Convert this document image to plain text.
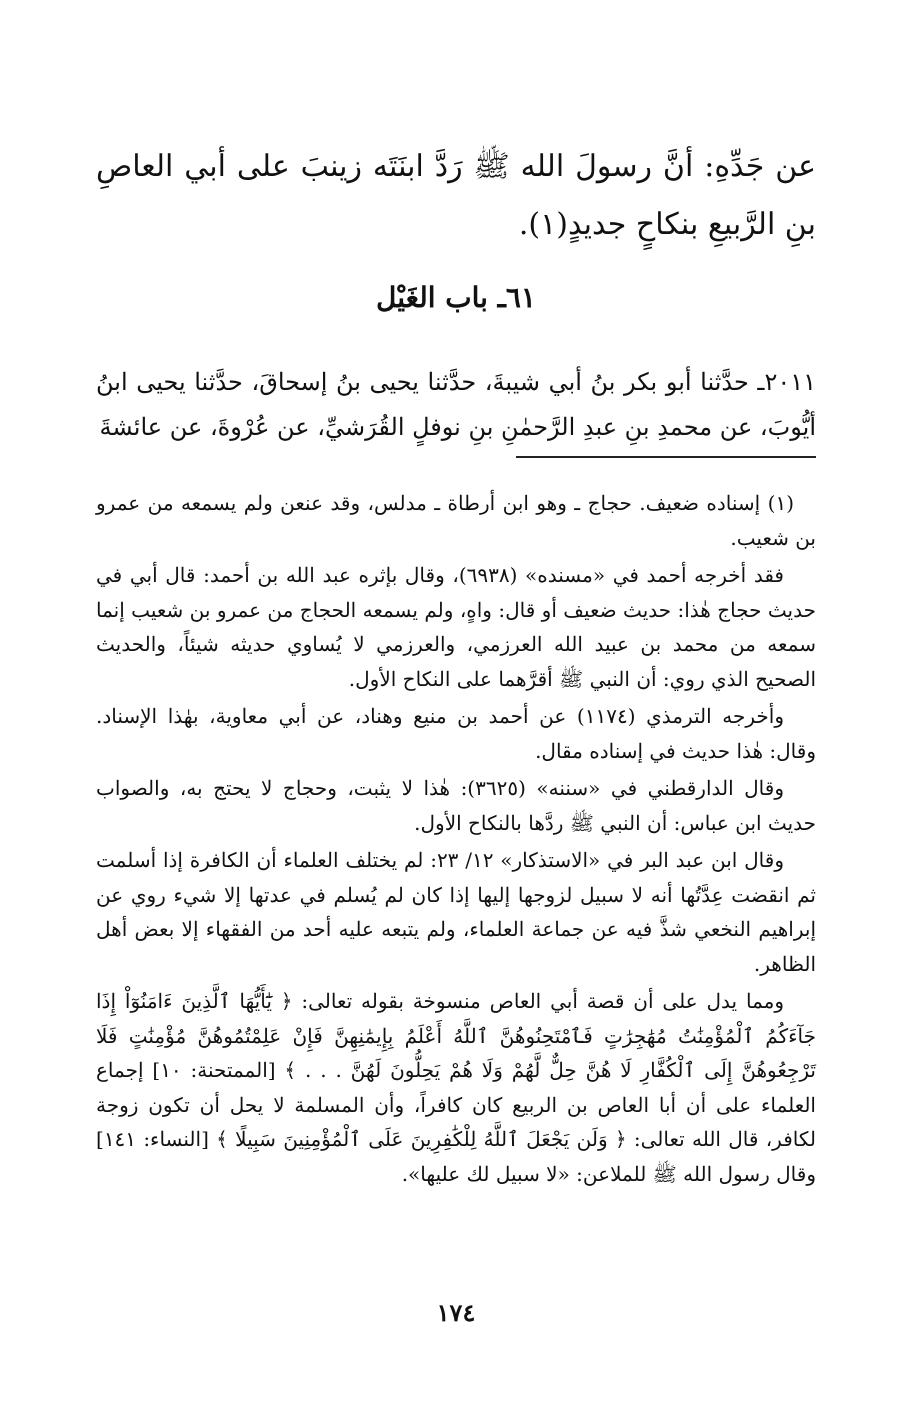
عن جَدِّهِ: أنَّ رسولَ الله ﷺ رَدَّ ابنَتَه زينبَ على أبي العاصِ بنِ الرَّبيعِ بنكاحٍ جديدٍ(١).
٦١ـ باب الغَيْل
٢٠١١ـ حدَّثنا أبو بكر بنُ أبي شيبةَ، حدَّثنا يحيى بنُ إسحاقَ، حدَّثنا يحيى ابنُ أيُّوبَ، عن محمدِ بنِ عبدِ الرَّحمٰنِ بنِ نوفلٍ القُرَشيِّ، عن عُرْوةَ، عن عائشةَ

(١) إسناده ضعيف. حجاج ـ وهو ابن أرطاة ـ مدلس، وقد عنعن ولم يسمعه من عمرو بن شعيب.

فقد أخرجه أحمد في «مسنده» (٦٩٣٨)، وقال بإثره عبد الله بن أحمد: قال أبي في حديث حجاج هٰذا: حديث ضعيف أو قال: واهٍ، ولم يسمعه الحجاج من عمرو بن شعيب إنما سمعه من محمد بن عبيد الله العرزمي، والعرزمي لا يُساوي حديثه شيئاً، والحديث الصحيح الذي روي: أن النبي ﷺ أقرَّهما على النكاح الأول.

وأخرجه الترمذي (١١٧٤) عن أحمد بن منيع وهناد، عن أبي معاوية، بهٰذا الإسناد. وقال: هٰذا حديث في إسناده مقال.

وقال الدارقطني في «سننه» (٣٦٢٥): هٰذا لا يثبت، وحجاج لا يحتج به، والصواب حديث ابن عباس: أن النبي ﷺ ردَّها بالنكاح الأول.

وقال ابن عبد البر في «الاستذكار» ١٢/ ٢٣: لم يختلف العلماء أن الكافرة إذا أسلمت ثم انقضت عِدَّتُها أنه لا سبيل لزوجها إليها إذا كان لم يُسلم في عدتها إلا شيء روي عن إبراهيم النخعي شذَّ فيه عن جماعة العلماء، ولم يتبعه عليه أحد من الفقهاء إلا بعض أهل الظاهر.

ومما يدل على أن قصة أبي العاص منسوخة بقوله تعالى: ﴿ يَٰٓأَيُّهَا ٱلَّذِينَ ءَامَنُوٓاْ إِذَا جَآءَكُمُ ٱلْمُؤْمِنَٰتُ مُهَٰجِرَٰتٍ فَٱمْتَحِنُوهُنَّ ٱللَّهُ أَعْلَمُ بِإِيمَٰنِهِنَّ فَإِنْ عَلِمْتُمُوهُنَّ مُؤْمِنَٰتٍ فَلَا تَرْجِعُوهُنَّ إِلَى ٱلْكُفَّارِ لَا هُنَّ حِلٌّ لَّهُمْ وَلَا هُمْ يَحِلُّونَ لَهُنَّ . . . ﴾ [الممتحنة: ١٠] إجماع العلماء على أن أبا العاص بن الربيع كان كافراً، وأن المسلمة لا يحل أن تكون زوجة لكافر، قال الله تعالى: ﴿ وَلَن يَجْعَلَ ٱللَّهُ لِلْكَٰفِرِينَ عَلَى ٱلْمُؤْمِنِينَ سَبِيلًا ﴾ [النساء: ١٤١] وقال رسول الله ﷺ للملاعن: «لا سبيل لك عليها».

١٧٤
